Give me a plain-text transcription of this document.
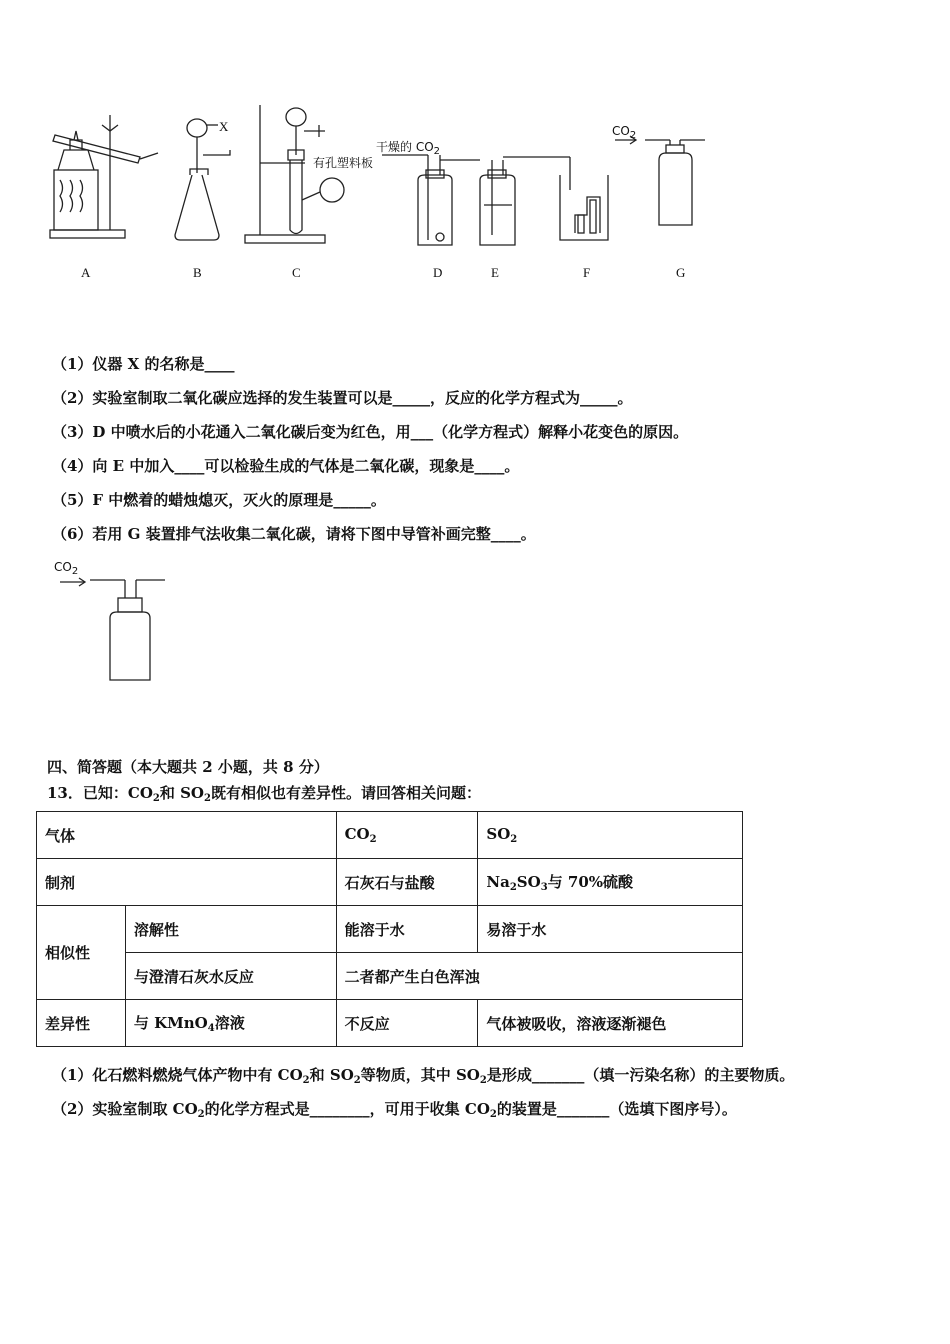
X
干燥的 $CO_2$
有孔塑料板
$CO_2$
A	B	C	D	E	F	G
（1）仪器 X 的名称是____
（2）实验室制取二氧化碳应选择的发生装置可以是_____，反应的化学方程式为_____。
（3）D 中喷水后的小花通入二氧化碳后变为红色，用___（化学方程式）解释小花变色的原因。
（4）向 E 中加入____可以检验生成的气体是二氧化碳，现象是____。
（5）F 中燃着的蜡烛熄灭，灭火的原理是_____。
（6）若用 G 装置排气法收集二氧化碳，请将下图中导管补画完整____。
$CO_2$
四、简答题（本大题共 2 小题，共 8 分）
13．已知：$CO_2$和 $SO_2$既有相似也有差异性。请回答相关问题：
气体		$CO_2$	$SO_2$
制剂		石灰石与盐酸	$Na_2SO_3$与 70%硫酸
相似性	溶解性	能溶于水	易溶于水
	与澄清石灰水反应	二者都产生白色浑浊	
差异性	与 KMnO$_4$溶液	不反应	气体被吸收，溶液逐渐褪色
（1）化石燃料燃烧气体产物中有 $CO_2$和 $SO_2$等物质，其中 $SO_2$是形成_______（填一污染名称）的主要物质。
（2）实验室制取 $CO_2$的化学方程式是________，可用于收集 $CO_2$的装置是_______（选填下图序号）。
